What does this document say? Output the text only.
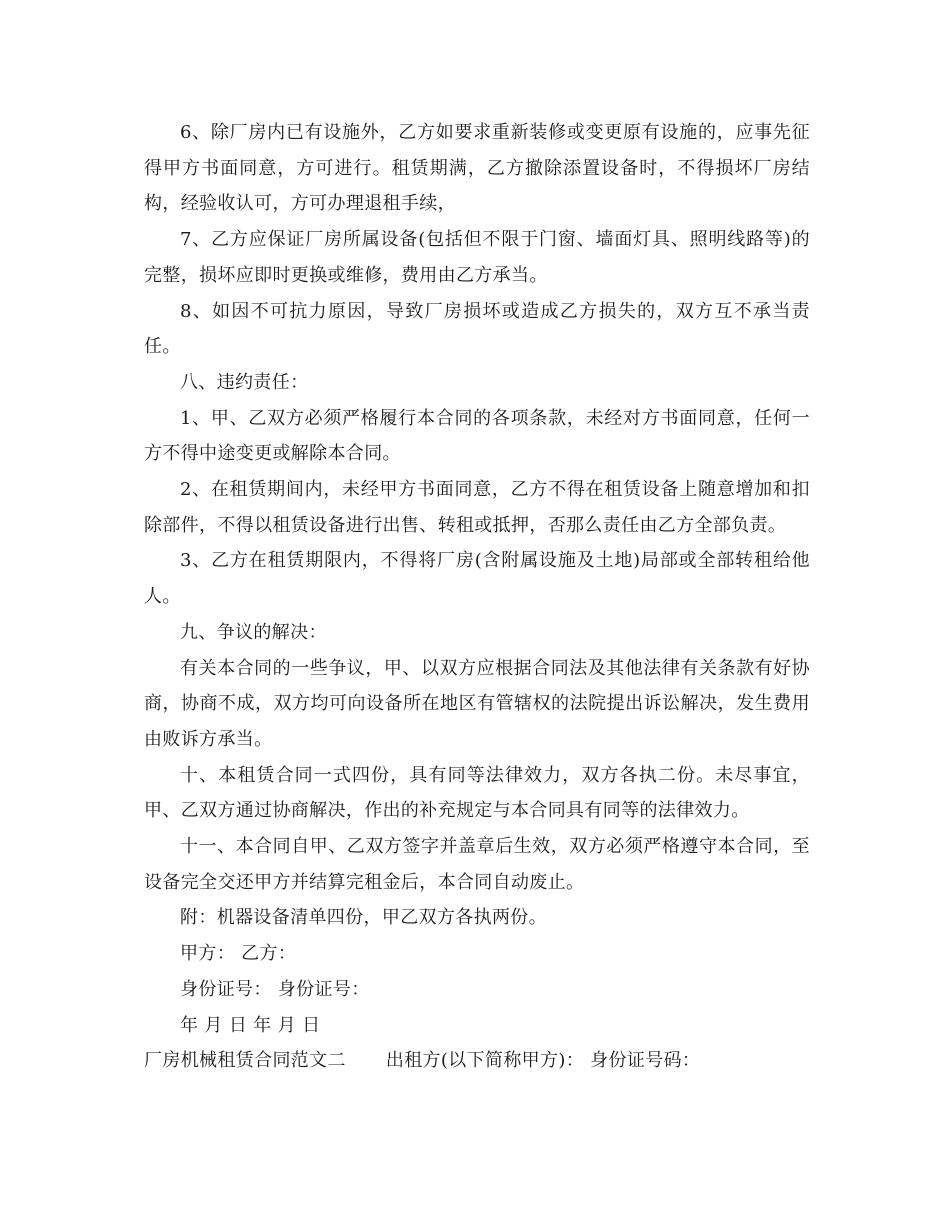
6、除厂房内已有设施外，乙方如要求重新装修或变更原有设施的，应事先征得甲方书面同意，方可进行。租赁期满，乙方撤除添置设备时，不得损坏厂房结构，经验收认可，方可办理退租手续，

7、乙方应保证厂房所属设备(包括但不限于门窗、墙面灯具、照明线路等)的完整，损坏应即时更换或维修，费用由乙方承当。

8、如因不可抗力原因，导致厂房损坏或造成乙方损失的，双方互不承当责任。

八、违约责任：

1、甲、乙双方必须严格履行本合同的各项条款，未经对方书面同意，任何一方不得中途变更或解除本合同。

2、在租赁期间内，未经甲方书面同意，乙方不得在租赁设备上随意增加和扣除部件，不得以租赁设备进行出售、转租或抵押，否那么责任由乙方全部负责。

3、乙方在租赁期限内，不得将厂房(含附属设施及土地)局部或全部转租给他人。

九、争议的解决：

有关本合同的一些争议，甲、以双方应根据合同法及其他法律有关条款有好协商，协商不成，双方均可向设备所在地区有管辖权的法院提出诉讼解决，发生费用由败诉方承当。

十、本租赁合同一式四份，具有同等法律效力，双方各执二份。未尽事宜，甲、乙双方通过协商解决，作出的补充规定与本合同具有同等的法律效力。

十一、本合同自甲、乙双方签字并盖章后生效，双方必须严格遵守本合同，至设备完全交还甲方并结算完租金后，本合同自动废止。

附：机器设备清单四份，甲乙双方各执两份。

甲方： 乙方：

身份证号： 身份证号：

年 月 日 年 月 日

厂房机械租赁合同范文二 出租方(以下简称甲方)： 身份证号码：
